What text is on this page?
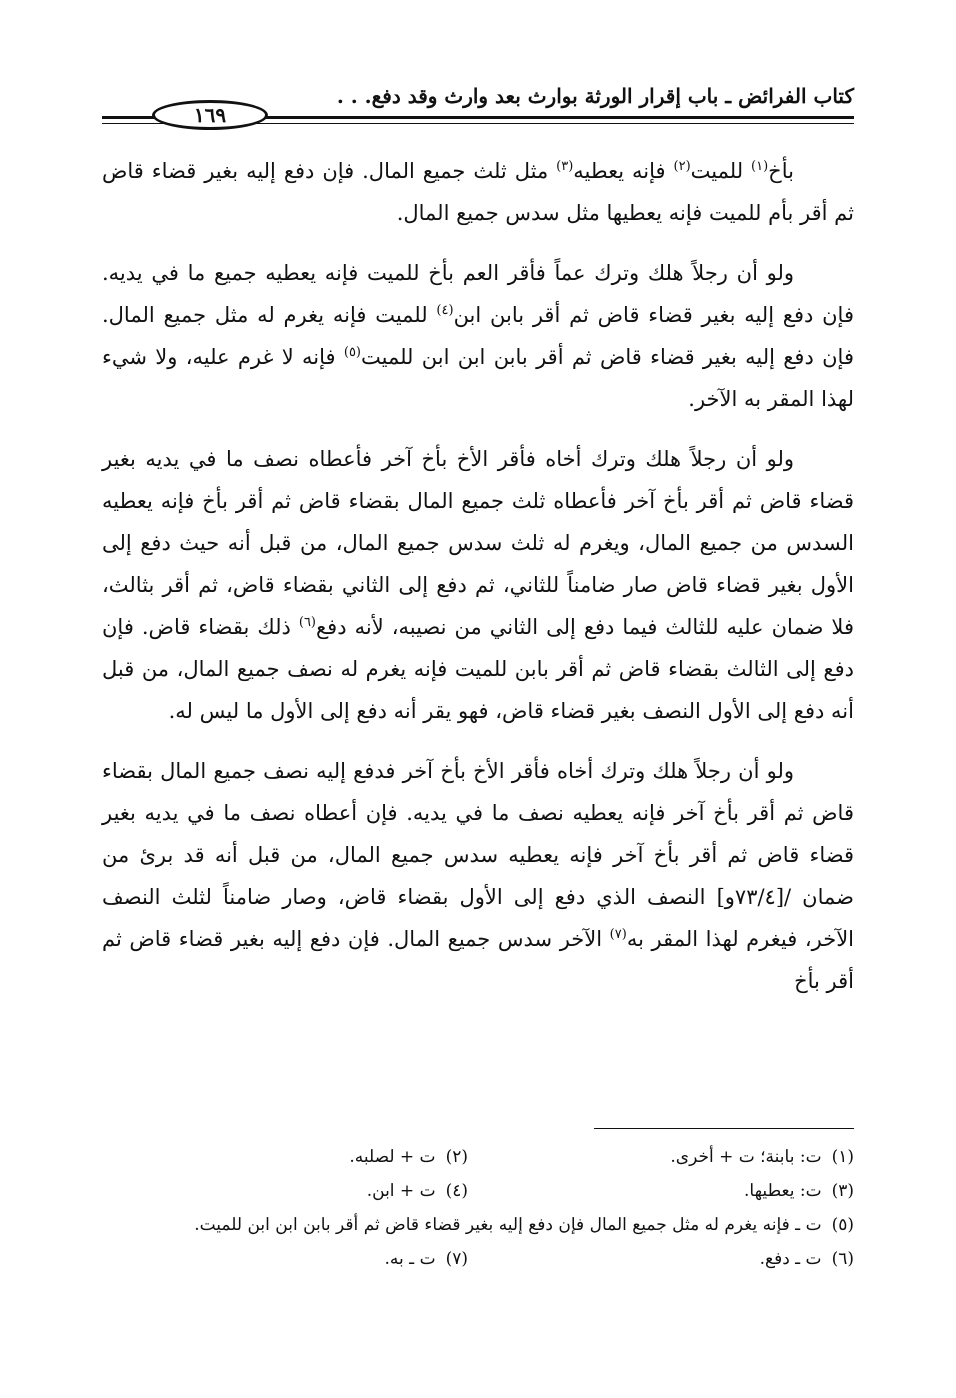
كتاب الفرائض ـ باب إقرار الورثة بوارث بعد وارث وقد دفع. . .
١٦٩

بأخ$^{(١)}$ للميت$^{(٢)}$ فإنه يعطيه$^{(٣)}$ مثل ثلث جميع المال. فإن دفع إليه بغير قضاء قاض ثم أقر بأم للميت فإنه يعطيها مثل سدس جميع المال.

ولو أن رجلاً هلك وترك عماً فأقر العم بأخ للميت فإنه يعطيه جميع ما في يديه. فإن دفع إليه بغير قضاء قاض ثم أقر بابن ابن$^{(٤)}$ للميت فإنه يغرم له مثل جميع المال. فإن دفع إليه بغير قضاء قاض ثم أقر بابن ابن ابن للميت$^{(٥)}$ فإنه لا غرم عليه، ولا شيء لهذا المقر به الآخر.

ولو أن رجلاً هلك وترك أخاه فأقر الأخ بأخ آخر فأعطاه نصف ما في يديه بغير قضاء قاض ثم أقر بأخ آخر فأعطاه ثلث جميع المال بقضاء قاض ثم أقر بأخ فإنه يعطيه السدس من جميع المال، ويغرم له ثلث سدس جميع المال، من قبل أنه حيث دفع إلى الأول بغير قضاء قاض صار ضامناً للثاني، ثم دفع إلى الثاني بقضاء قاض، ثم أقر بثالث، فلا ضمان عليه للثالث فيما دفع إلى الثاني من نصيبه، لأنه دفع$^{(٦)}$ ذلك بقضاء قاض. فإن دفع إلى الثالث بقضاء قاض ثم أقر بابن للميت فإنه يغرم له نصف جميع المال، من قبل أنه دفع إلى الأول النصف بغير قضاء قاض، فهو يقر أنه دفع إلى الأول ما ليس له.

ولو أن رجلاً هلك وترك أخاه فأقر الأخ بأخ آخر فدفع إليه نصف جميع المال بقضاء قاض ثم أقر بأخ آخر فإنه يعطيه نصف ما في يديه. فإن أعطاه نصف ما في يديه بغير قضاء قاض ثم أقر بأخ آخر فإنه يعطيه سدس جميع المال، من قبل أنه قد برئ من ضمان /[٧٣/٤و] النصف الذي دفع إلى الأول بقضاء قاض، وصار ضامناً لثلث النصف الآخر، فيغرم لهذا المقر به$^{(٧)}$ الآخر سدس جميع المال. فإن دفع إليه بغير قضاء قاض ثم أقر بأخ

(١)ت: بابنة؛ ت + أخرى.
(٢)ت + لصلبه.
(٣)ت: يعطيها.
(٤)ت + ابن.
(٥)ت ـ فإنه يغرم له مثل جميع المال فإن دفع إليه بغير قضاء قاض ثم أقر بابن ابن ابن للميت.
(٦)ت ـ دفع.
(٧)ت ـ به.
